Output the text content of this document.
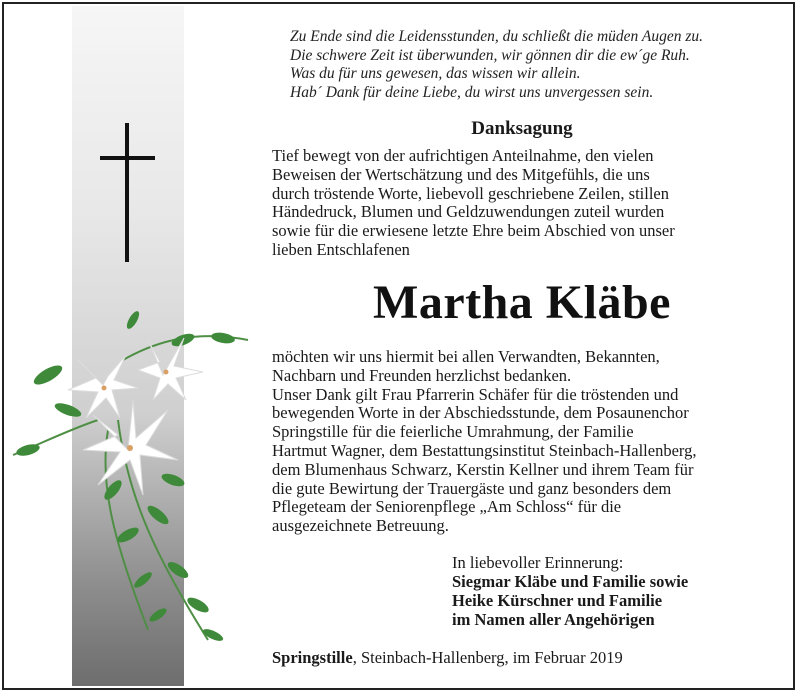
Zu Ende sind die Leidensstunden, du schließt die müden Augen zu.
Die schwere Zeit ist überwunden, wir gönnen dir die ew´ge Ruh.
Was du für uns gewesen, das wissen wir allein.
Hab´ Dank für deine Liebe, du wirst uns unvergessen sein.
Danksagung
Tief bewegt von der aufrichtigen Anteilnahme, den vielen
Beweisen der Wertschätzung und des Mitgefühls, die uns
durch tröstende Worte, liebevoll geschriebene Zeilen, stillen
Händedruck, Blumen und Geldzuwendungen zuteil wurden
sowie für die erwiesene letzte Ehre beim Abschied von unser
lieben Entschlafenen
Martha Kläbe
möchten wir uns hiermit bei allen Verwandten, Bekannten,
Nachbarn und Freunden herzlichst bedanken.
Unser Dank gilt Frau Pfarrerin Schäfer für die tröstenden und
bewegenden Worte in der Abschiedsstunde, dem Posaunenchor
Springstille für die feierliche Umrahmung, der Familie
Hartmut Wagner, dem Bestattungsinstitut Steinbach-Hallenberg,
dem Blumenhaus Schwarz, Kerstin Kellner und ihrem Team für
die gute Bewirtung der Trauergäste und ganz besonders dem
Pflegeteam der Seniorenpflege „Am Schloss“ für die
ausgezeichnete Betreuung.
In liebevoller Erinnerung:
Siegmar Kläbe und Familie sowie
Heike Kürschner und Familie
im Namen aller Angehörigen
Springstille, Steinbach-Hallenberg, im Februar 2019
